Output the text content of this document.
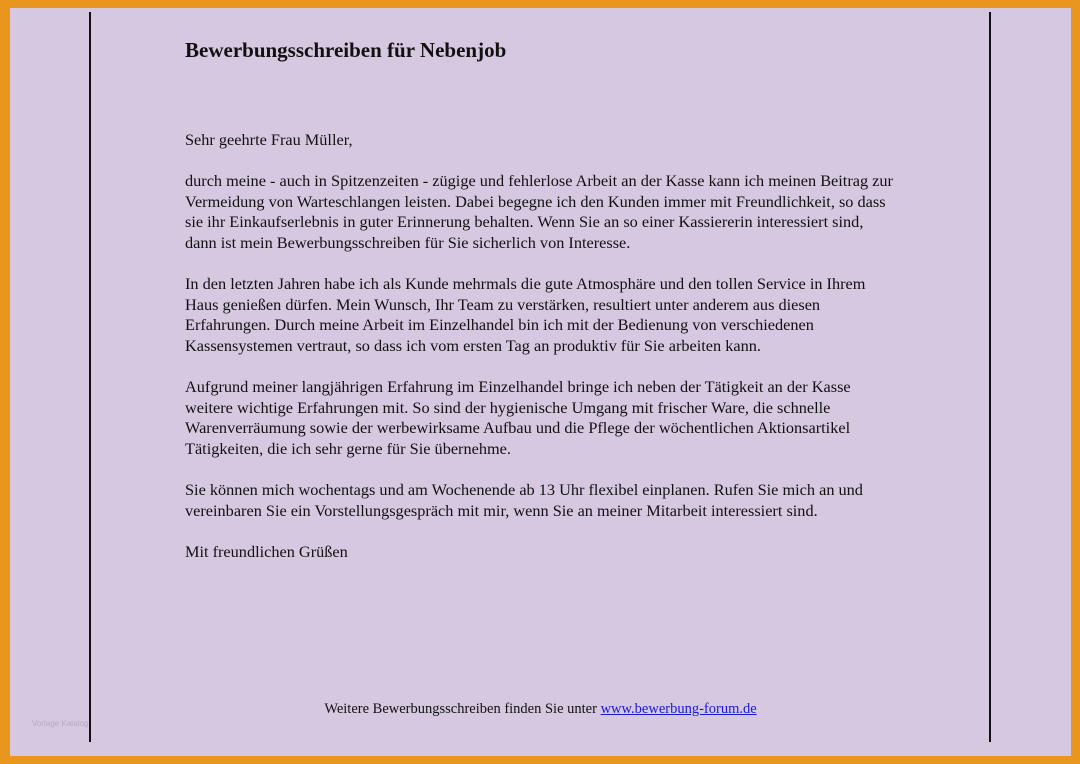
Bewerbungsschreiben für Nebenjob

Sehr geehrte Frau Müller,

durch meine - auch in Spitzenzeiten - zügige und fehlerlose Arbeit an der Kasse kann ich meinen Beitrag zur Vermeidung von Warteschlangen leisten. Dabei begegne ich den Kunden immer mit Freundlichkeit, so dass sie ihr Einkaufserlebnis in guter Erinnerung behalten. Wenn Sie an so einer Kassiererin interessiert sind, dann ist mein Bewerbungsschreiben für Sie sicherlich von Interesse.

In den letzten Jahren habe ich als Kunde mehrmals die gute Atmosphäre und den tollen Service in Ihrem Haus genießen dürfen. Mein Wunsch, Ihr Team zu verstärken, resultiert unter anderem aus diesen Erfahrungen. Durch meine Arbeit im Einzelhandel bin ich mit der Bedienung von verschiedenen Kassensystemen vertraut, so dass ich vom ersten Tag an produktiv für Sie arbeiten kann.

Aufgrund meiner langjährigen Erfahrung im Einzelhandel bringe ich neben der Tätigkeit an der Kasse weitere wichtige Erfahrungen mit. So sind der hygienische Umgang mit frischer Ware, die schnelle Warenverräumung sowie der werbewirksame Aufbau und die Pflege der wöchentlichen Aktionsartikel Tätigkeiten, die ich sehr gerne für Sie übernehme.

Sie können mich wochentags und am Wochenende ab 13 Uhr flexibel einplanen. Rufen Sie mich an und vereinbaren Sie ein Vorstellungsgespräch mit mir, wenn Sie an meiner Mitarbeit interessiert sind.

Mit freundlichen Grüßen

Weitere Bewerbungsschreiben finden Sie unter www.bewerbung-forum.de
Vorlage Katalog
